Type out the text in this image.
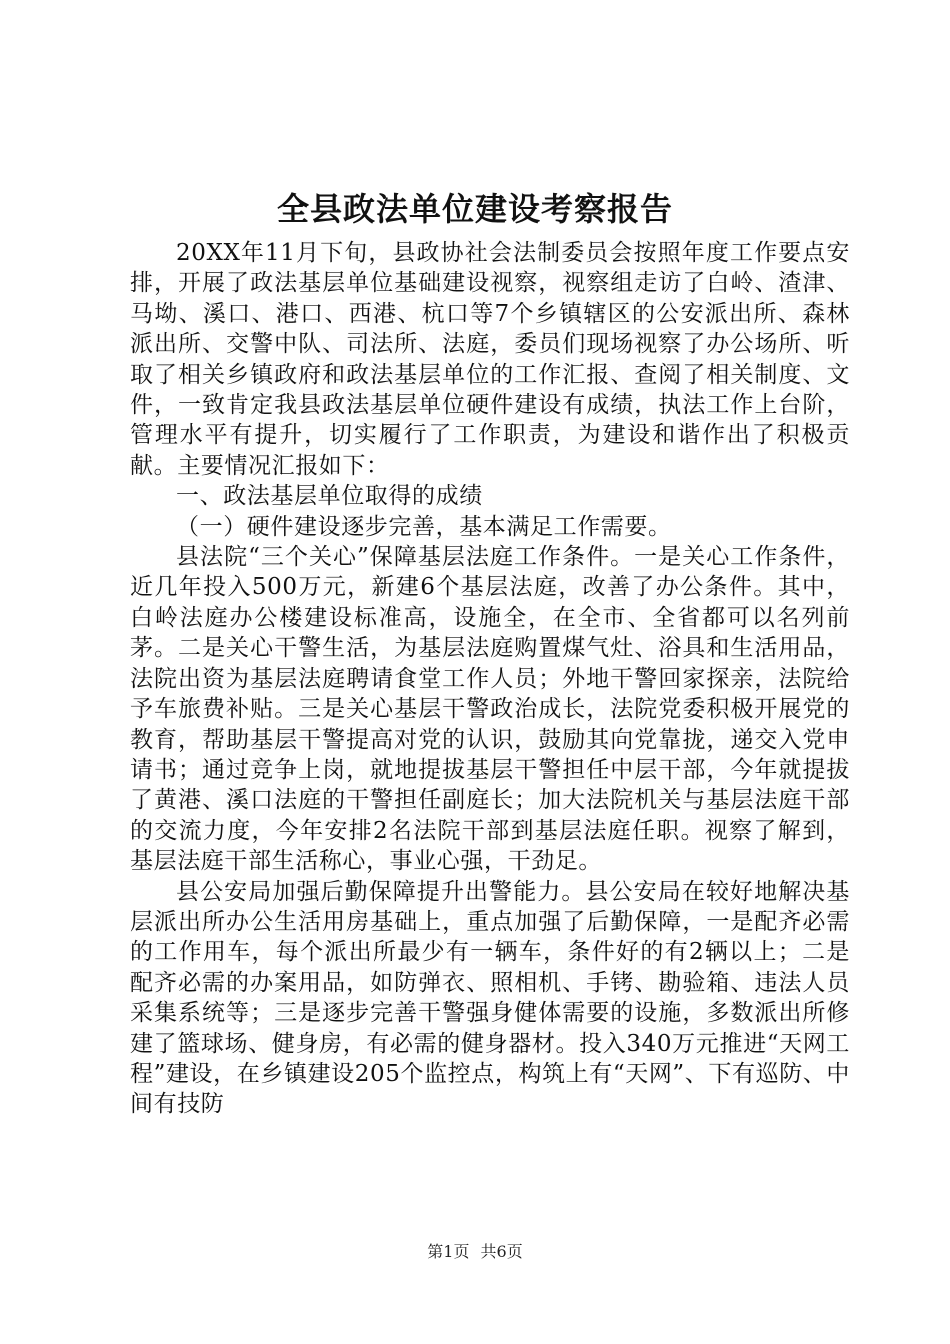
全县政法单位建设考察报告

20XX年11月下旬，县政协社会法制委员会按照年度工作要点安排，开展了政法基层单位基础建设视察，视察组走访了白岭、渣津、马坳、溪口、港口、西港、杭口等7个乡镇辖区的公安派出所、森林派出所、交警中队、司法所、法庭，委员们现场视察了办公场所、听取了相关乡镇政府和政法基层单位的工作汇报、查阅了相关制度、文件，一致肯定我县政法基层单位硬件建设有成绩，执法工作上台阶，管理水平有提升，切实履行了工作职责，为建设和谐作出了积极贡献。主要情况汇报如下：

一、政法基层单位取得的成绩

（一）硬件建设逐步完善，基本满足工作需要。

县法院“三个关心”保障基层法庭工作条件。一是关心工作条件，近几年投入500万元，新建6个基层法庭，改善了办公条件。其中，白岭法庭办公楼建设标准高，设施全，在全市、全省都可以名列前茅。二是关心干警生活，为基层法庭购置煤气灶、浴具和生活用品，法院出资为基层法庭聘请食堂工作人员；外地干警回家探亲，法院给予车旅费补贴。三是关心基层干警政治成长，法院党委积极开展党的教育，帮助基层干警提高对党的认识，鼓励其向党靠拢，递交入党申请书；通过竞争上岗，就地提拔基层干警担任中层干部，今年就提拔了黄港、溪口法庭的干警担任副庭长；加大法院机关与基层法庭干部的交流力度，今年安排2名法院干部到基层法庭任职。视察了解到，基层法庭干部生活称心，事业心强，干劲足。

县公安局加强后勤保障提升出警能力。县公安局在较好地解决基层派出所办公生活用房基础上，重点加强了后勤保障，一是配齐必需的工作用车，每个派出所最少有一辆车，条件好的有2辆以上；二是配齐必需的办案用品，如防弹衣、照相机、手铐、勘验箱、违法人员采集系统等；三是逐步完善干警强身健体需要的设施，多数派出所修建了篮球场、健身房，有必需的健身器材。投入340万元推进“天网工程”建设，在乡镇建设205个监控点，构筑上有“天网”、下有巡防、中间有技防

第1页 共6页
